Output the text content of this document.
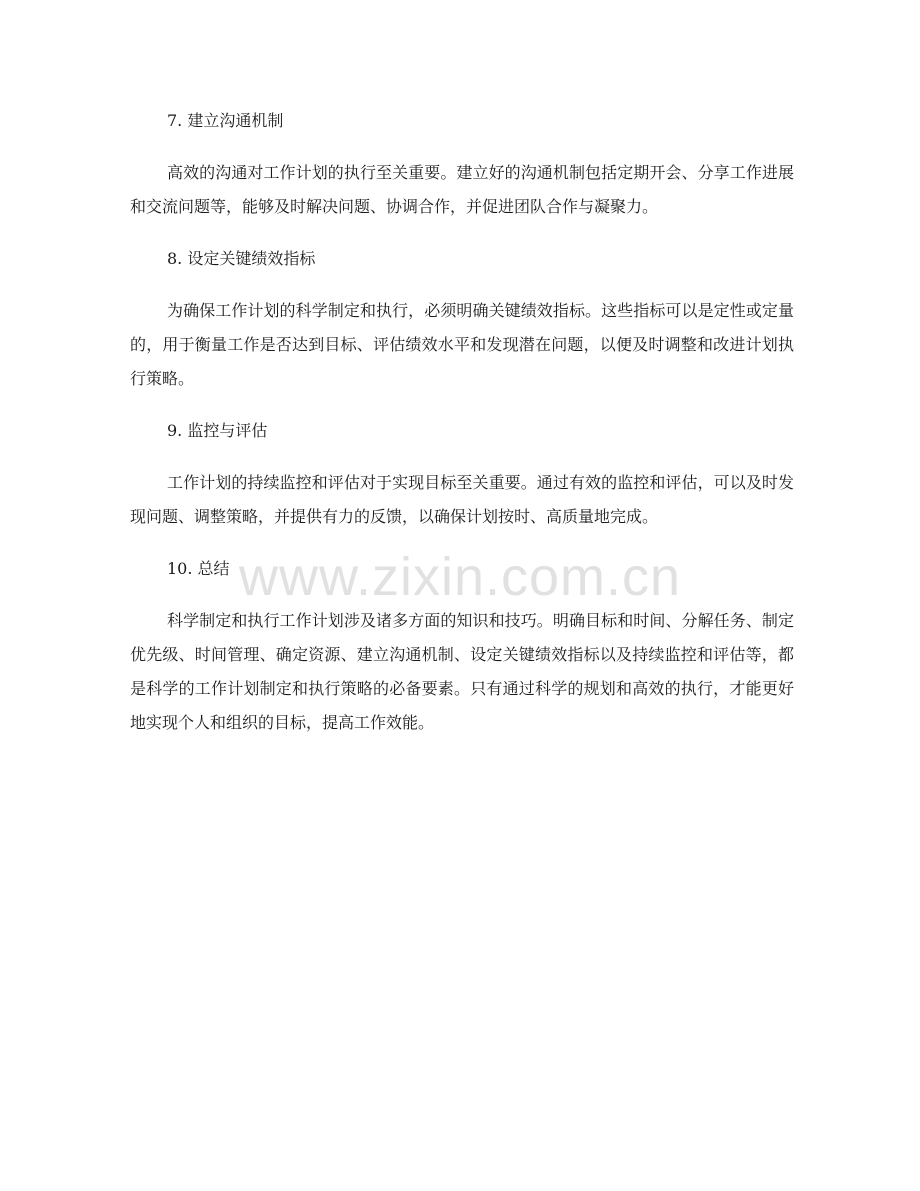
7. 建立沟通机制

高效的沟通对工作计划的执行至关重要。建立好的沟通机制包括定期开会、分享工作进展和交流问题等，能够及时解决问题、协调合作，并促进团队合作与凝聚力。

8. 设定关键绩效指标

为确保工作计划的科学制定和执行，必须明确关键绩效指标。这些指标可以是定性或定量的，用于衡量工作是否达到目标、评估绩效水平和发现潜在问题，以便及时调整和改进计划执行策略。

9. 监控与评估

工作计划的持续监控和评估对于实现目标至关重要。通过有效的监控和评估，可以及时发现问题、调整策略，并提供有力的反馈，以确保计划按时、高质量地完成。

10. 总结

科学制定和执行工作计划涉及诸多方面的知识和技巧。明确目标和时间、分解任务、制定优先级、时间管理、确定资源、建立沟通机制、设定关键绩效指标以及持续监控和评估等，都是科学的工作计划制定和执行策略的必备要素。只有通过科学的规划和高效的执行，才能更好地实现个人和组织的目标，提高工作效能。

www.zixin.com.cn
